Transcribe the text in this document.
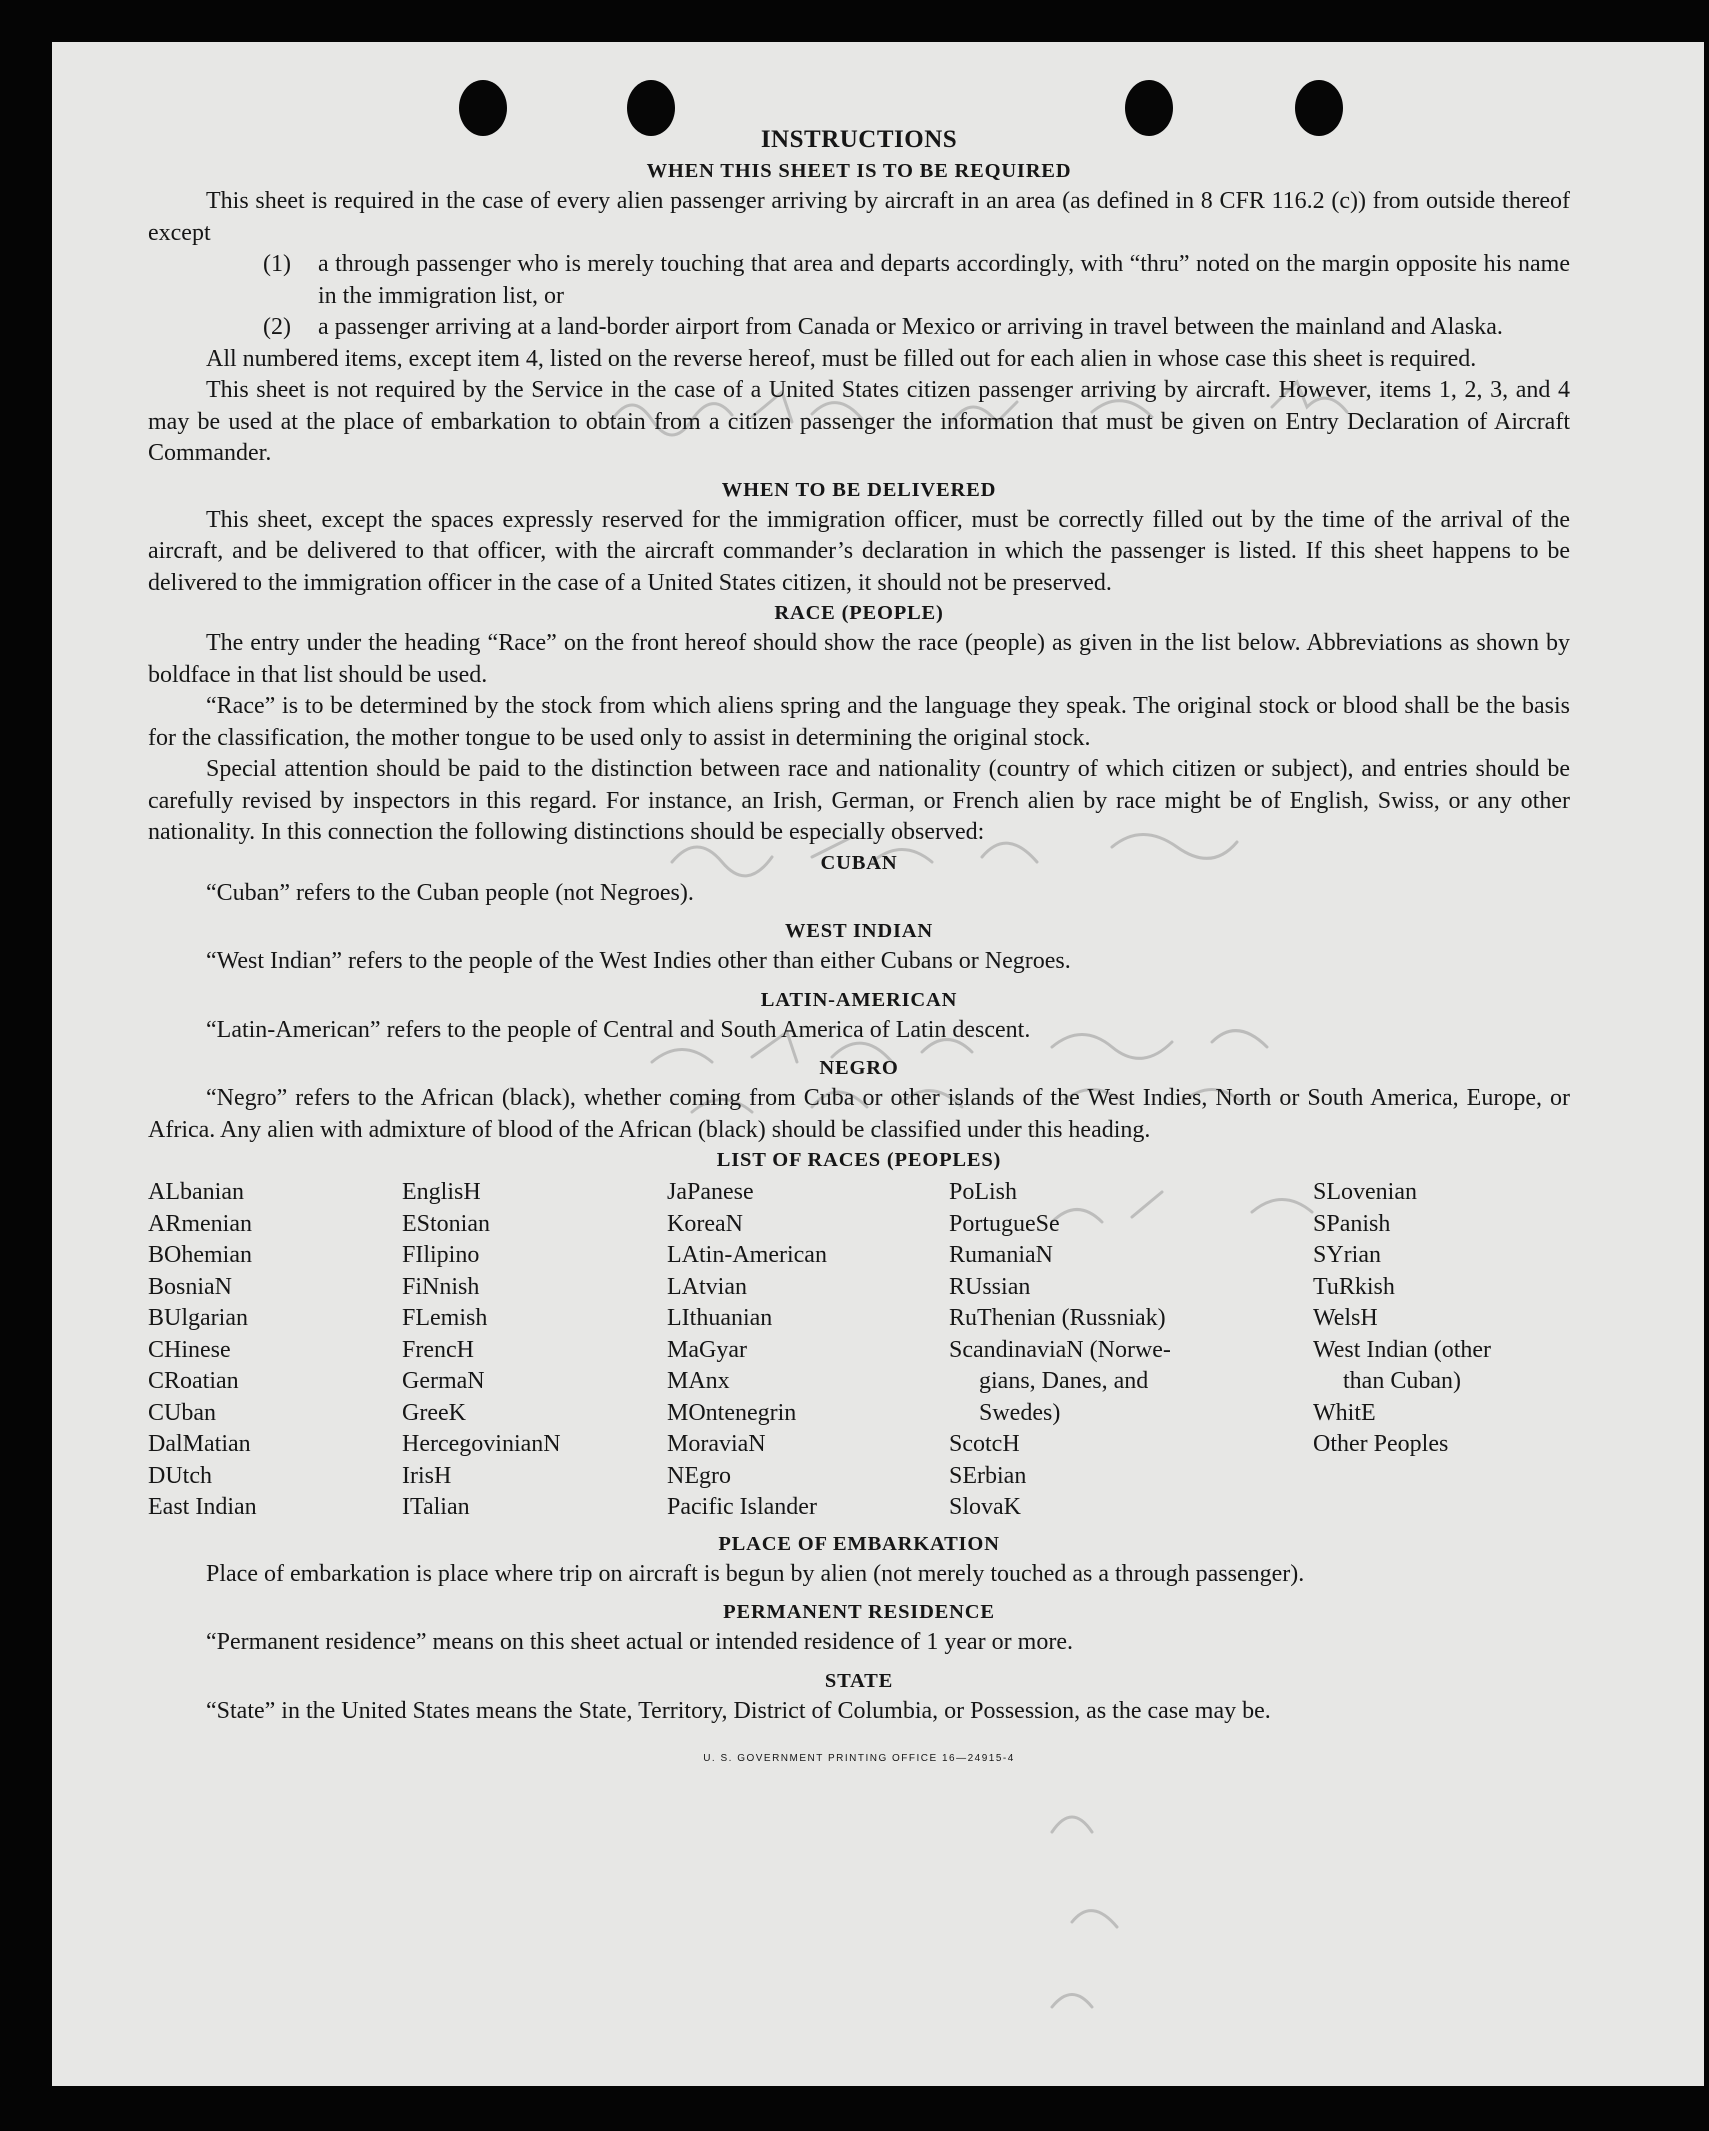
INSTRUCTIONS
WHEN THIS SHEET IS TO BE REQUIRED

This sheet is required in the case of every alien passenger arriving by aircraft in an area (as defined in 8 CFR 116.2 (c)) from outside thereof except

(1)	a through passenger who is merely touching that area and departs accordingly, with “thru” noted on the margin opposite his name in the immigration list, or
(2)	a passenger arriving at a land-border airport from Canada or Mexico or arriving in travel between the mainland and Alaska.

All numbered items, except item 4, listed on the reverse hereof, must be filled out for each alien in whose case this sheet is required.

This sheet is not required by the Service in the case of a United States citizen passenger arriving by aircraft. However, items 1, 2, 3, and 4 may be used at the place of embarkation to obtain from a citizen passenger the information that must be given on Entry Declaration of Aircraft Commander.

WHEN TO BE DELIVERED

This sheet, except the spaces expressly reserved for the immigration officer, must be correctly filled out by the time of the arrival of the aircraft, and be delivered to that officer, with the aircraft commander’s declaration in which the passenger is listed. If this sheet happens to be delivered to the immigration officer in the case of a United States citizen, it should not be preserved.

RACE (PEOPLE)

The entry under the heading “Race” on the front hereof should show the race (people) as given in the list below. Abbreviations as shown by boldface in that list should be used.

“Race” is to be determined by the stock from which aliens spring and the language they speak. The original stock or blood shall be the basis for the classification, the mother tongue to be used only to assist in determining the original stock.

Special attention should be paid to the distinction between race and nationality (country of which citizen or subject), and entries should be carefully revised by inspectors in this regard. For instance, an Irish, German, or French alien by race might be of English, Swiss, or any other nationality. In this connection the following distinctions should be especially observed:

CUBAN

“Cuban” refers to the Cuban people (not Negroes).

WEST INDIAN

“West Indian” refers to the people of the West Indies other than either Cubans or Negroes.

LATIN-AMERICAN

“Latin-American” refers to the people of Central and South America of Latin descent.

NEGRO

“Negro” refers to the African (black), whether coming from Cuba or other islands of the West Indies, North or South America, Europe, or Africa. Any alien with admixture of blood of the African (black) should be classified under this heading.

LIST OF RACES (PEOPLES)
ALbanian
ARmenian
BOhemian
BosniaN
BUlgarian
CHinese
CRoatian
CUban
DalMatian
DUtch
East Indian
EnglisH
EStonian
FIlipino
FiNnish
FLemish
FrencH
GermaN
GreeK
HercegovinianN
IrisH
ITalian
JaPanese
KoreaN
LAtin-American
LAtvian
LIthuanian
MaGyar
MAnx
MOntenegrin
MoraviaN
NEgro
Pacific Islander
PoLish
PortugueSe
RumaniaN
RUssian
RuThenian (Russniak)
ScandinaviaN (Norwe-
gians, Danes, and
Swedes)
ScotcH
SErbian
SlovaK
SLovenian
SPanish
SYrian
TuRkish
WelsH
West Indian (other
than Cuban)
WhitE
Other Peoples
PLACE OF EMBARKATION

Place of embarkation is place where trip on aircraft is begun by alien (not merely touched as a through passenger).

PERMANENT RESIDENCE

“Permanent residence” means on this sheet actual or intended residence of 1 year or more.

STATE

“State” in the United States means the State, Territory, District of Columbia, or Possession, as the case may be.

U. S. GOVERNMENT PRINTING OFFICE 16—24915-4
